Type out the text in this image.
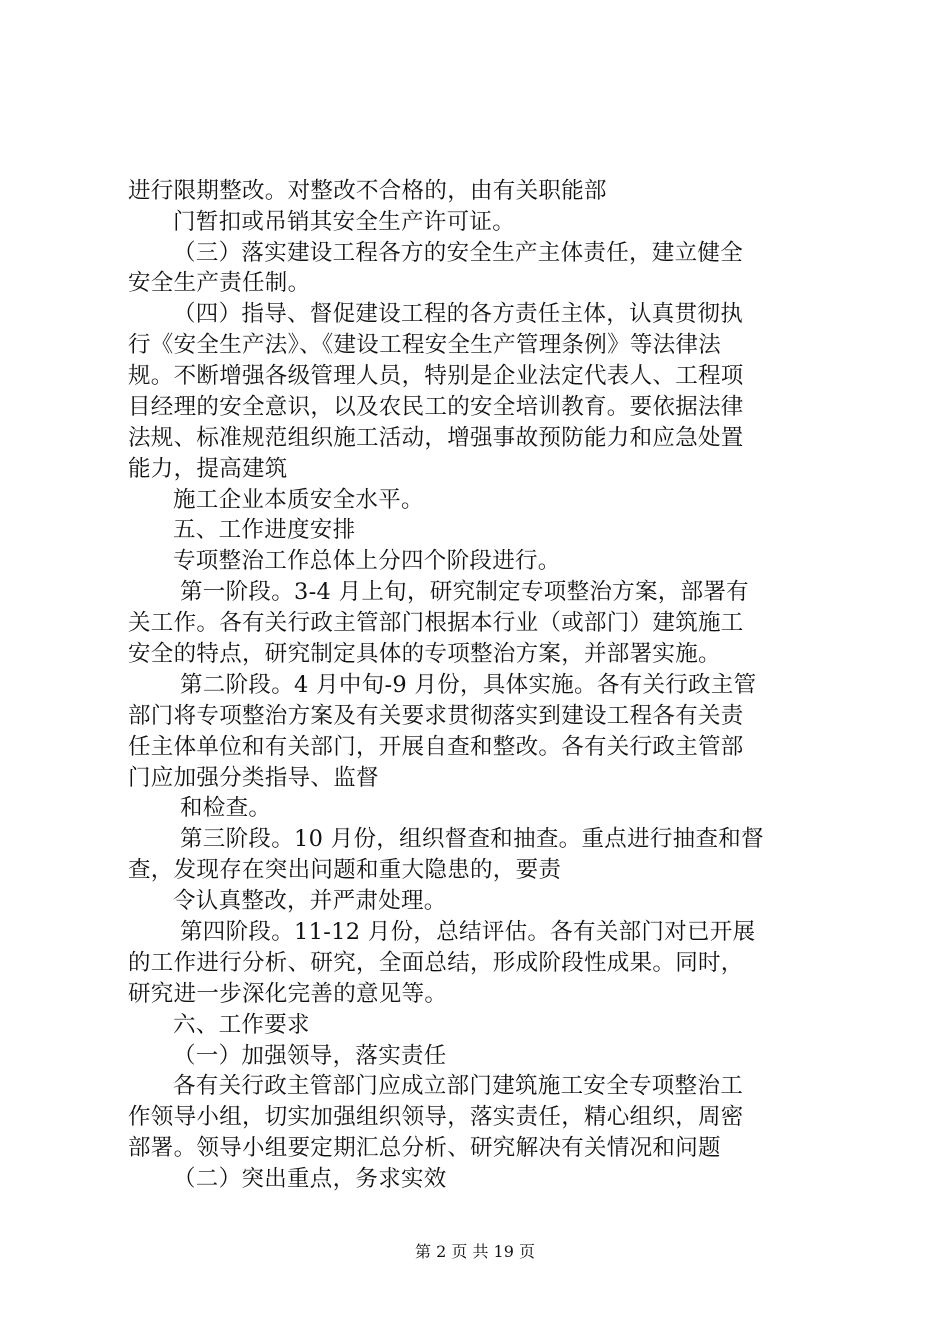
进行限期整改。对整改不合格的，由有关职能部
门暂扣或吊销其安全生产许可证。
（三）落实建设工程各方的安全生产主体责任，建立健全
安全生产责任制。
（四）指导、督促建设工程的各方责任主体，认真贯彻执
行《安全生产法》、《建设工程安全生产管理条例》等法律法
规。不断增强各级管理人员，特别是企业法定代表人、工程项
目经理的安全意识，以及农民工的安全培训教育。要依据法律
法规、标准规范组织施工活动，增强事故预防能力和应急处置
能力，提高建筑
施工企业本质安全水平。
五、工作进度安排
专项整治工作总体上分四个阶段进行。
第一阶段。3-4 月上旬，研究制定专项整治方案，部署有
关工作。各有关行政主管部门根据本行业（或部门）建筑施工
安全的特点，研究制定具体的专项整治方案，并部署实施。
第二阶段。4 月中旬-9 月份，具体实施。各有关行政主管
部门将专项整治方案及有关要求贯彻落实到建设工程各有关责
任主体单位和有关部门，开展自查和整改。各有关行政主管部
门应加强分类指导、监督
和检查。
第三阶段。10 月份，组织督查和抽查。重点进行抽查和督
查，发现存在突出问题和重大隐患的，要责
令认真整改，并严肃处理。
第四阶段。11-12 月份，总结评估。各有关部门对已开展
的工作进行分析、研究，全面总结，形成阶段性成果。同时，
研究进一步深化完善的意见等。
六、工作要求
（一）加强领导，落实责任
各有关行政主管部门应成立部门建筑施工安全专项整治工
作领导小组，切实加强组织领导，落实责任，精心组织，周密
部署。领导小组要定期汇总分析、研究解决有关情况和问题
（二）突出重点，务求实效
第 2 页 共 19 页
